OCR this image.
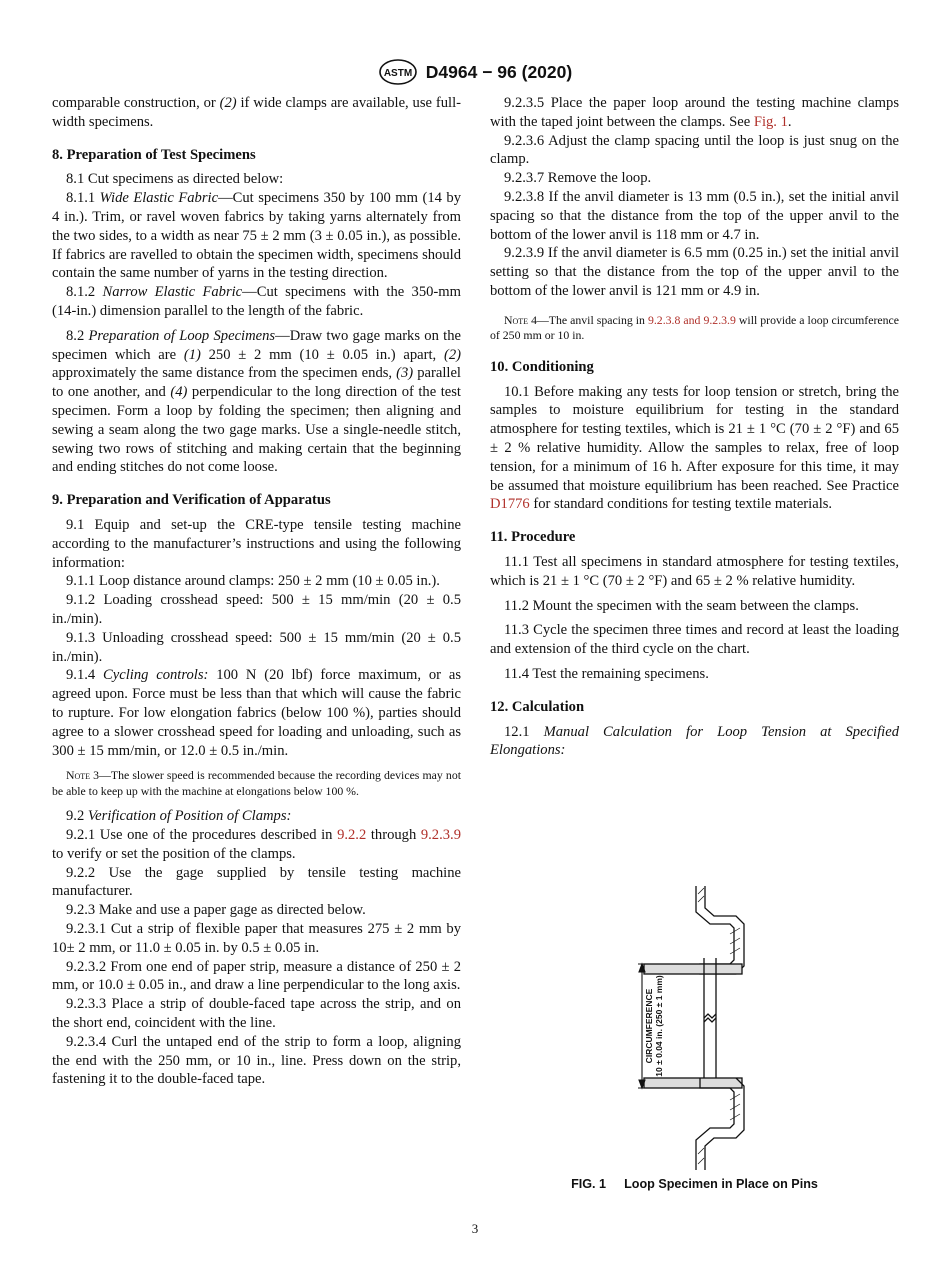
ASTM D4964 − 96 (2020)

comparable construction, or (2) if wide clamps are available, use full-width specimens.

8. Preparation of Test Specimens

8.1 Cut specimens as directed below:

8.1.1 Wide Elastic Fabric—Cut specimens 350 by 100 mm (14 by 4 in.). Trim, or ravel woven fabrics by taking yarns alternately from the two sides, to a width as near 75 ± 2 mm (3 ± 0.05 in.), as possible. If fabrics are ravelled to obtain the specimen width, specimens should contain the same number of yarns in the testing direction.

8.1.2 Narrow Elastic Fabric—Cut specimens with the 350-mm (14-in.) dimension parallel to the length of the fabric.

8.2 Preparation of Loop Specimens—Draw two gage marks on the specimen which are (1) 250 ± 2 mm (10 ± 0.05 in.) apart, (2) approximately the same distance from the specimen ends, (3) parallel to one another, and (4) perpendicular to the long direction of the test specimen. Form a loop by folding the specimen; then aligning and sewing a seam along the two gage marks. Use a single-needle stitch, sewing two rows of stitching and making certain that the beginning and ending stitches do not come loose.

9. Preparation and Verification of Apparatus

9.1 Equip and set-up the CRE-type tensile testing machine according to the manufacturer’s instructions and using the following information:

9.1.1 Loop distance around clamps: 250 ± 2 mm (10 ± 0.05 in.).

9.1.2 Loading crosshead speed: 500 ± 15 mm/min (20 ± 0.5 in./min).

9.1.3 Unloading crosshead speed: 500 ± 15 mm/min (20 ± 0.5 in./min).

9.1.4 Cycling controls: 100 N (20 lbf) force maximum, or as agreed upon. Force must be less than that which will cause the fabric to rupture. For low elongation fabrics (below 100 %), parties should agree to a slower crosshead speed for loading and unloading, such as 300 ± 15 mm/min, or 12.0 ± 0.5 in./min.

Note 3—The slower speed is recommended because the recording devices may not be able to keep up with the machine at elongations below 100 %.

9.2 Verification of Position of Clamps:

9.2.1 Use one of the procedures described in 9.2.2 through 9.2.3.9 to verify or set the position of the clamps.

9.2.2 Use the gage supplied by tensile testing machine manufacturer.

9.2.3 Make and use a paper gage as directed below.

9.2.3.1 Cut a strip of flexible paper that measures 275 ± 2 mm by 10± 2 mm, or 11.0 ± 0.05 in. by 0.5 ± 0.05 in.

9.2.3.2 From one end of paper strip, measure a distance of 250 ± 2 mm, or 10.0 ± 0.05 in., and draw a line perpendicular to the long axis.

9.2.3.3 Place a strip of double-faced tape across the strip, and on the short end, coincident with the line.

9.2.3.4 Curl the untaped end of the strip to form a loop, aligning the end with the 250 mm, or 10 in., line. Press down on the strip, fastening it to the double-faced tape.

9.2.3.5 Place the paper loop around the testing machine clamps with the taped joint between the clamps. See Fig. 1.

9.2.3.6 Adjust the clamp spacing until the loop is just snug on the clamp.

9.2.3.7 Remove the loop.

9.2.3.8 If the anvil diameter is 13 mm (0.5 in.), set the initial anvil spacing so that the distance from the top of the upper anvil to the bottom of the lower anvil is 118 mm or 4.7 in.

9.2.3.9 If the anvil diameter is 6.5 mm (0.25 in.) set the initial anvil setting so that the distance from the top of the upper anvil to the bottom of the lower anvil is 121 mm or 4.9 in.

Note 4—The anvil spacing in 9.2.3.8 and 9.2.3.9 will provide a loop circumference of 250 mm or 10 in.

10. Conditioning

10.1 Before making any tests for loop tension or stretch, bring the samples to moisture equilibrium for testing in the standard atmosphere for testing textiles, which is 21 ± 1 °C (70 ± 2 °F) and 65 ± 2 % relative humidity. Allow the samples to relax, free of loop tension, for a minimum of 16 h. After exposure for this time, it may be assumed that moisture equilibrium has been reached. See Practice D1776 for standard conditions for testing textile materials.

11. Procedure

11.1 Test all specimens in standard atmosphere for testing textiles, which is 21 ± 1 °C (70 ± 2 °F) and 65 ± 2 % relative humidity.

11.2 Mount the specimen with the seam between the clamps.

11.3 Cycle the specimen three times and record at least the loading and extension of the third cycle on the chart.

11.4 Test the remaining specimens.

12. Calculation

12.1 Manual Calculation for Loop Tension at Specified Elongations:

CIRCUMFERENCE 10 ± 0.04 in. (250 ± 1 mm)
FIG. 1 Loop Specimen in Place on Pins
3
